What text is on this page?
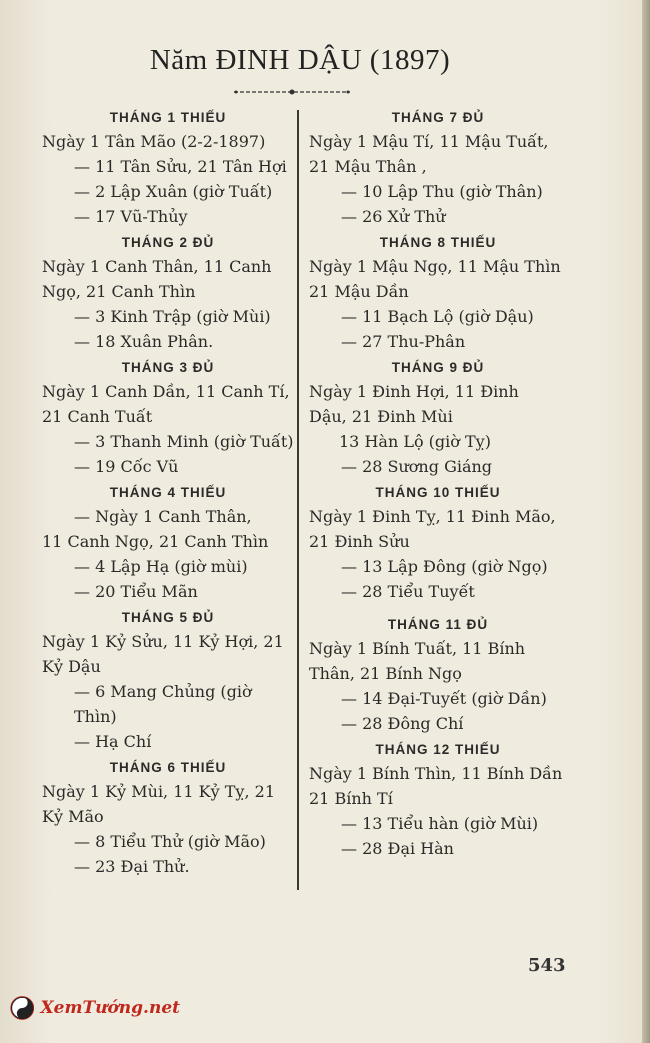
Năm ĐINH DẬU (1897)
THÁNG 1 THIẾU
Ngày 1 Tân Mão (2-2-1897)
— 11 Tân Sửu, 21 Tân Hợi
— 2 Lập Xuân (giờ Tuất)
— 17 Vũ-Thủy
THÁNG 2 ĐỦ
Ngày 1 Canh Thân, 11 Canh
Ngọ, 21 Canh Thìn
— 3 Kinh Trập (giờ Mùi)
— 18 Xuân Phân.
THÁNG 3 ĐỦ
Ngày 1 Canh Dần, 11 Canh Tí,
21 Canh Tuất
— 3 Thanh Minh (giờ Tuất)
— 19 Cốc Vũ
THÁNG 4 THIẾU
— Ngày 1 Canh Thân,
11 Canh Ngọ, 21 Canh Thìn
— 4 Lập Hạ (giờ mùi)
— 20 Tiểu Mãn
THÁNG 5 ĐỦ
Ngày 1 Kỷ Sửu, 11 Kỷ Hợi, 21
Kỷ Dậu
— 6 Mang Chủng (giờ Thìn)
— Hạ Chí
THÁNG 6 THIẾU
Ngày 1 Kỷ Mùi, 11 Kỷ Tỵ, 21
Kỷ Mão
— 8 Tiểu Thử (giờ Mão)
— 23 Đại Thử.
THÁNG 7 ĐỦ
Ngày 1 Mậu Tí, 11 Mậu Tuất,
21 Mậu Thân ,
— 10 Lập Thu (giờ Thân)
— 26 Xử Thử
THÁNG 8 THIẾU
Ngày 1 Mậu Ngọ, 11 Mậu Thìn
21 Mậu Dần
— 11 Bạch Lộ (giờ Dậu)
— 27 Thu-Phân
THÁNG 9 ĐỦ
Ngày 1 Đinh Hợi, 11 Đinh
Dậu, 21 Đinh Mùi
13 Hàn Lộ (giờ Tỵ)
— 28 Sương Giáng
THÁNG 10 THIẾU
Ngày 1 Đinh Tỵ, 11 Đinh Mão,
21 Đinh Sửu
— 13 Lập Đông (giờ Ngọ)
— 28 Tiểu Tuyết
THÁNG 11 ĐỦ
Ngày 1 Bính Tuất, 11 Bính
Thân, 21 Bính Ngọ
— 14 Đại-Tuyết (giờ Dần)
— 28 Đông Chí
THÁNG 12 THIẾU
Ngày 1 Bính Thìn, 11 Bính Dần
21 Bính Tí
— 13 Tiểu hàn (giờ Mùi)
— 28 Đại Hàn
543
XemTướng.net
